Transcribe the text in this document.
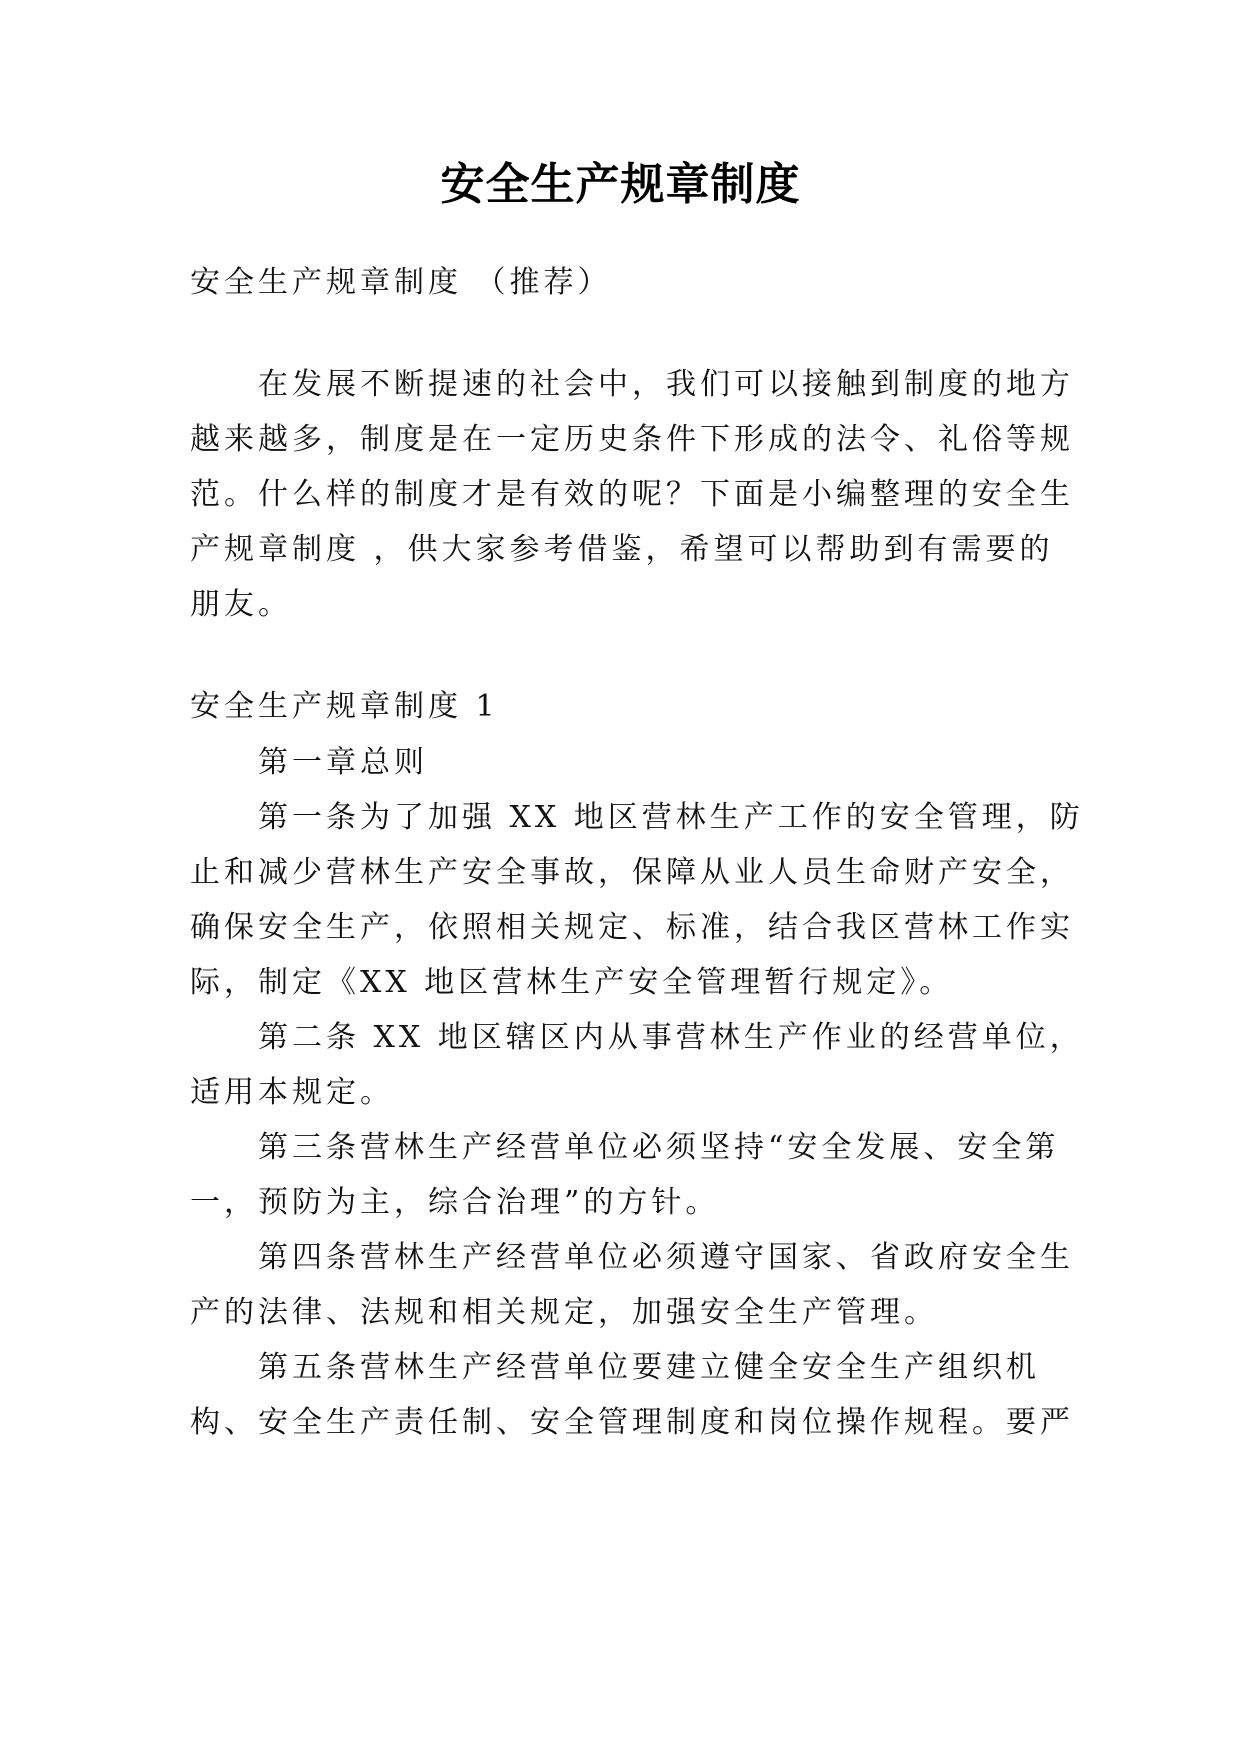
安全生产规章制度
安全生产规章制度 （推荐）
在发展不断提速的社会中，我们可以接触到制度的地方
越来越多，制度是在一定历史条件下形成的法令、礼俗等规
范。什么样的制度才是有效的呢？下面是小编整理的安全生
产规章制度 ，供大家参考借鉴，希望可以帮助到有需要的
朋友。
安全生产规章制度 1
第一章总则
第一条为了加强 XX 地区营林生产工作的安全管理，防
止和减少营林生产安全事故，保障从业人员生命财产安全，
确保安全生产，依照相关规定、标准，结合我区营林工作实
际，制定《XX 地区营林生产安全管理暂行规定》。
第二条 XX 地区辖区内从事营林生产作业的经营单位，
适用本规定。
第三条营林生产经营单位必须坚持“安全发展、安全第
一，预防为主，综合治理”的方针。
第四条营林生产经营单位必须遵守国家、省政府安全生
产的法律、法规和相关规定，加强安全生产管理。
第五条营林生产经营单位要建立健全安全生产组织机
构、安全生产责任制、安全管理制度和岗位操作规程。要严
